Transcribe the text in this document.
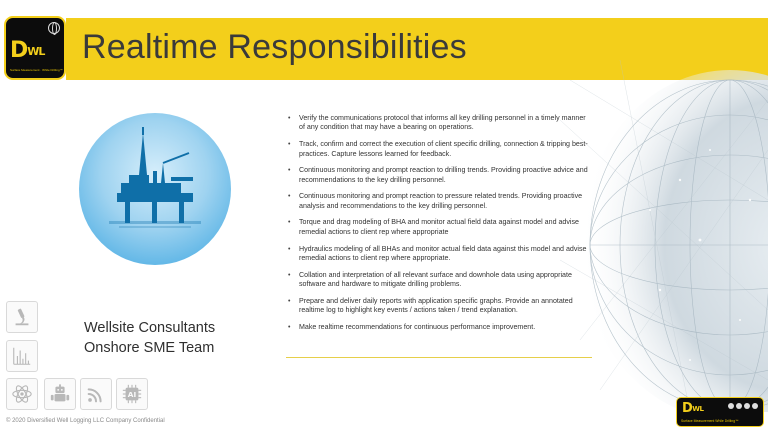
DWL
Surface Measurement · While Drilling™
Realtime Responsibilities
• Verify the communications protocol that informs all key drilling personnel in a timely manner of any condition that may have a bearing on operations.
• Track, confirm and correct the execution of client specific drilling, connection & tripping best-practices. Capture lessons learned for feedback.
• Continuous monitoring and prompt reaction to drilling trends. Providing proactive advice and recommendations to the key drilling personnel.
• Continuous monitoring and prompt reaction to pressure related trends. Providing proactive analysis and recommendations to the key drilling personnel.
• Torque and drag modeling of BHA and monitor actual field data against model and advise remedial actions to client rep where appropriate
• Hydraulics modeling of all BHAs and monitor actual field data against this model and advise remedial actions to client rep where appropriate.
• Collation and interpretation of all relevant surface and downhole data using appropriate software and hardware to mitigate drilling problems.
• Prepare and deliver daily reports with application specific graphs. Provide an annotated realtime log to highlight key events / actions taken / trend explanation.
• Make realtime recommendations for continuous performance improvement.
Wellsite Consultants
Onshore SME Team
AI
© 2020 Diversified Well Logging LLC Company Confidential
DWL
Surface Measurement While Drilling™
